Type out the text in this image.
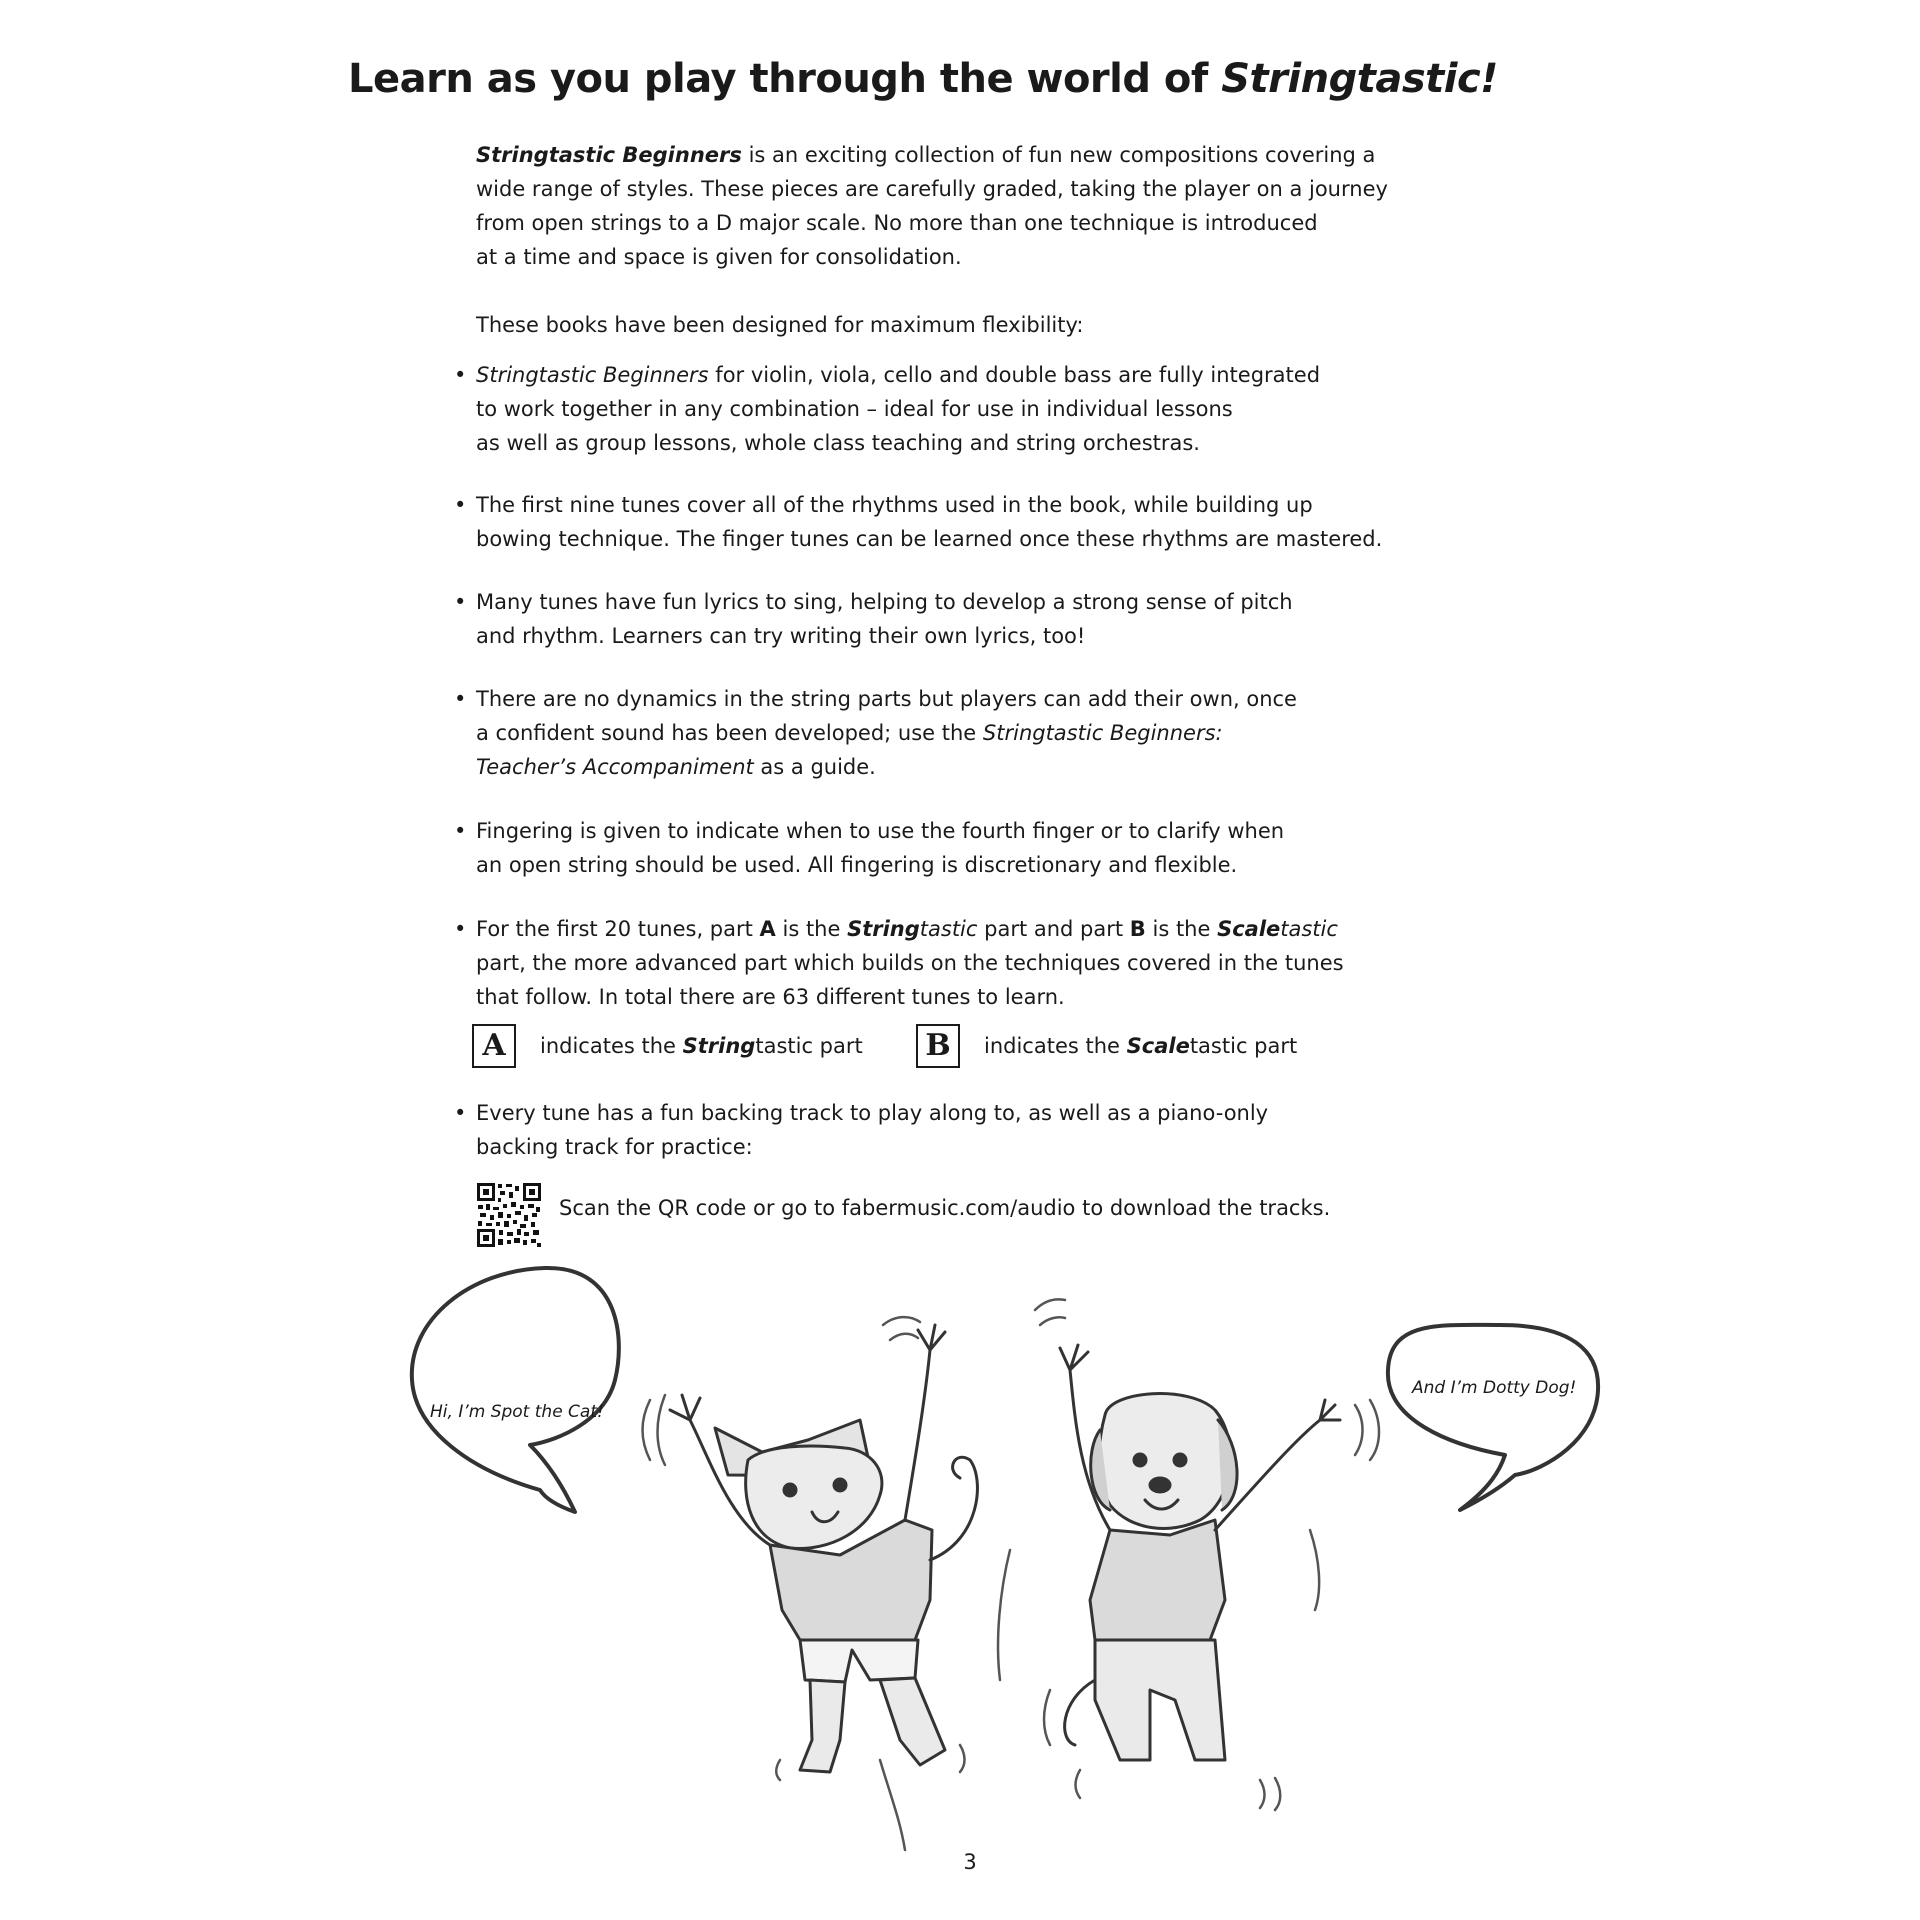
Learn as you play through the world of Stringtastic!

Stringtastic Beginners is an exciting collection of fun new compositions covering a
wide range of styles. These pieces are carefully graded, taking the player on a journey
from open strings to a D major scale. No more than one technique is introduced
at a time and space is given for consolidation.

These books have been designed for maximum flexibility:

• Stringtastic Beginners for violin, viola, cello and double bass are fully integrated
to work together in any combination – ideal for use in individual lessons
as well as group lessons, whole class teaching and string orchestras.

• The first nine tunes cover all of the rhythms used in the book, while building up
bowing technique. The finger tunes can be learned once these rhythms are mastered.

• Many tunes have fun lyrics to sing, helping to develop a strong sense of pitch
and rhythm. Learners can try writing their own lyrics, too!

• There are no dynamics in the string parts but players can add their own, once
a confident sound has been developed; use the Stringtastic Beginners:
Teacher’s Accompaniment as a guide.

• Fingering is given to indicate when to use the fourth finger or to clarify when
an open string should be used. All fingering is discretionary and flexible.

• For the first 20 tunes, part A is the Stringtastic part and part B is the Scaletastic
part, the more advanced part which builds on the techniques covered in the tunes
that follow. In total there are 63 different tunes to learn.

A	indicates the Stringtastic part	B	indicates the Scaletastic part

• Every tune has a fun backing track to play along to, as well as a piano-only
backing track for practice:

Scan the QR code or go to fabermusic.com/audio to download the tracks.
Hi, I’m Spot the Cat!
And I’m Dotty Dog!
3
